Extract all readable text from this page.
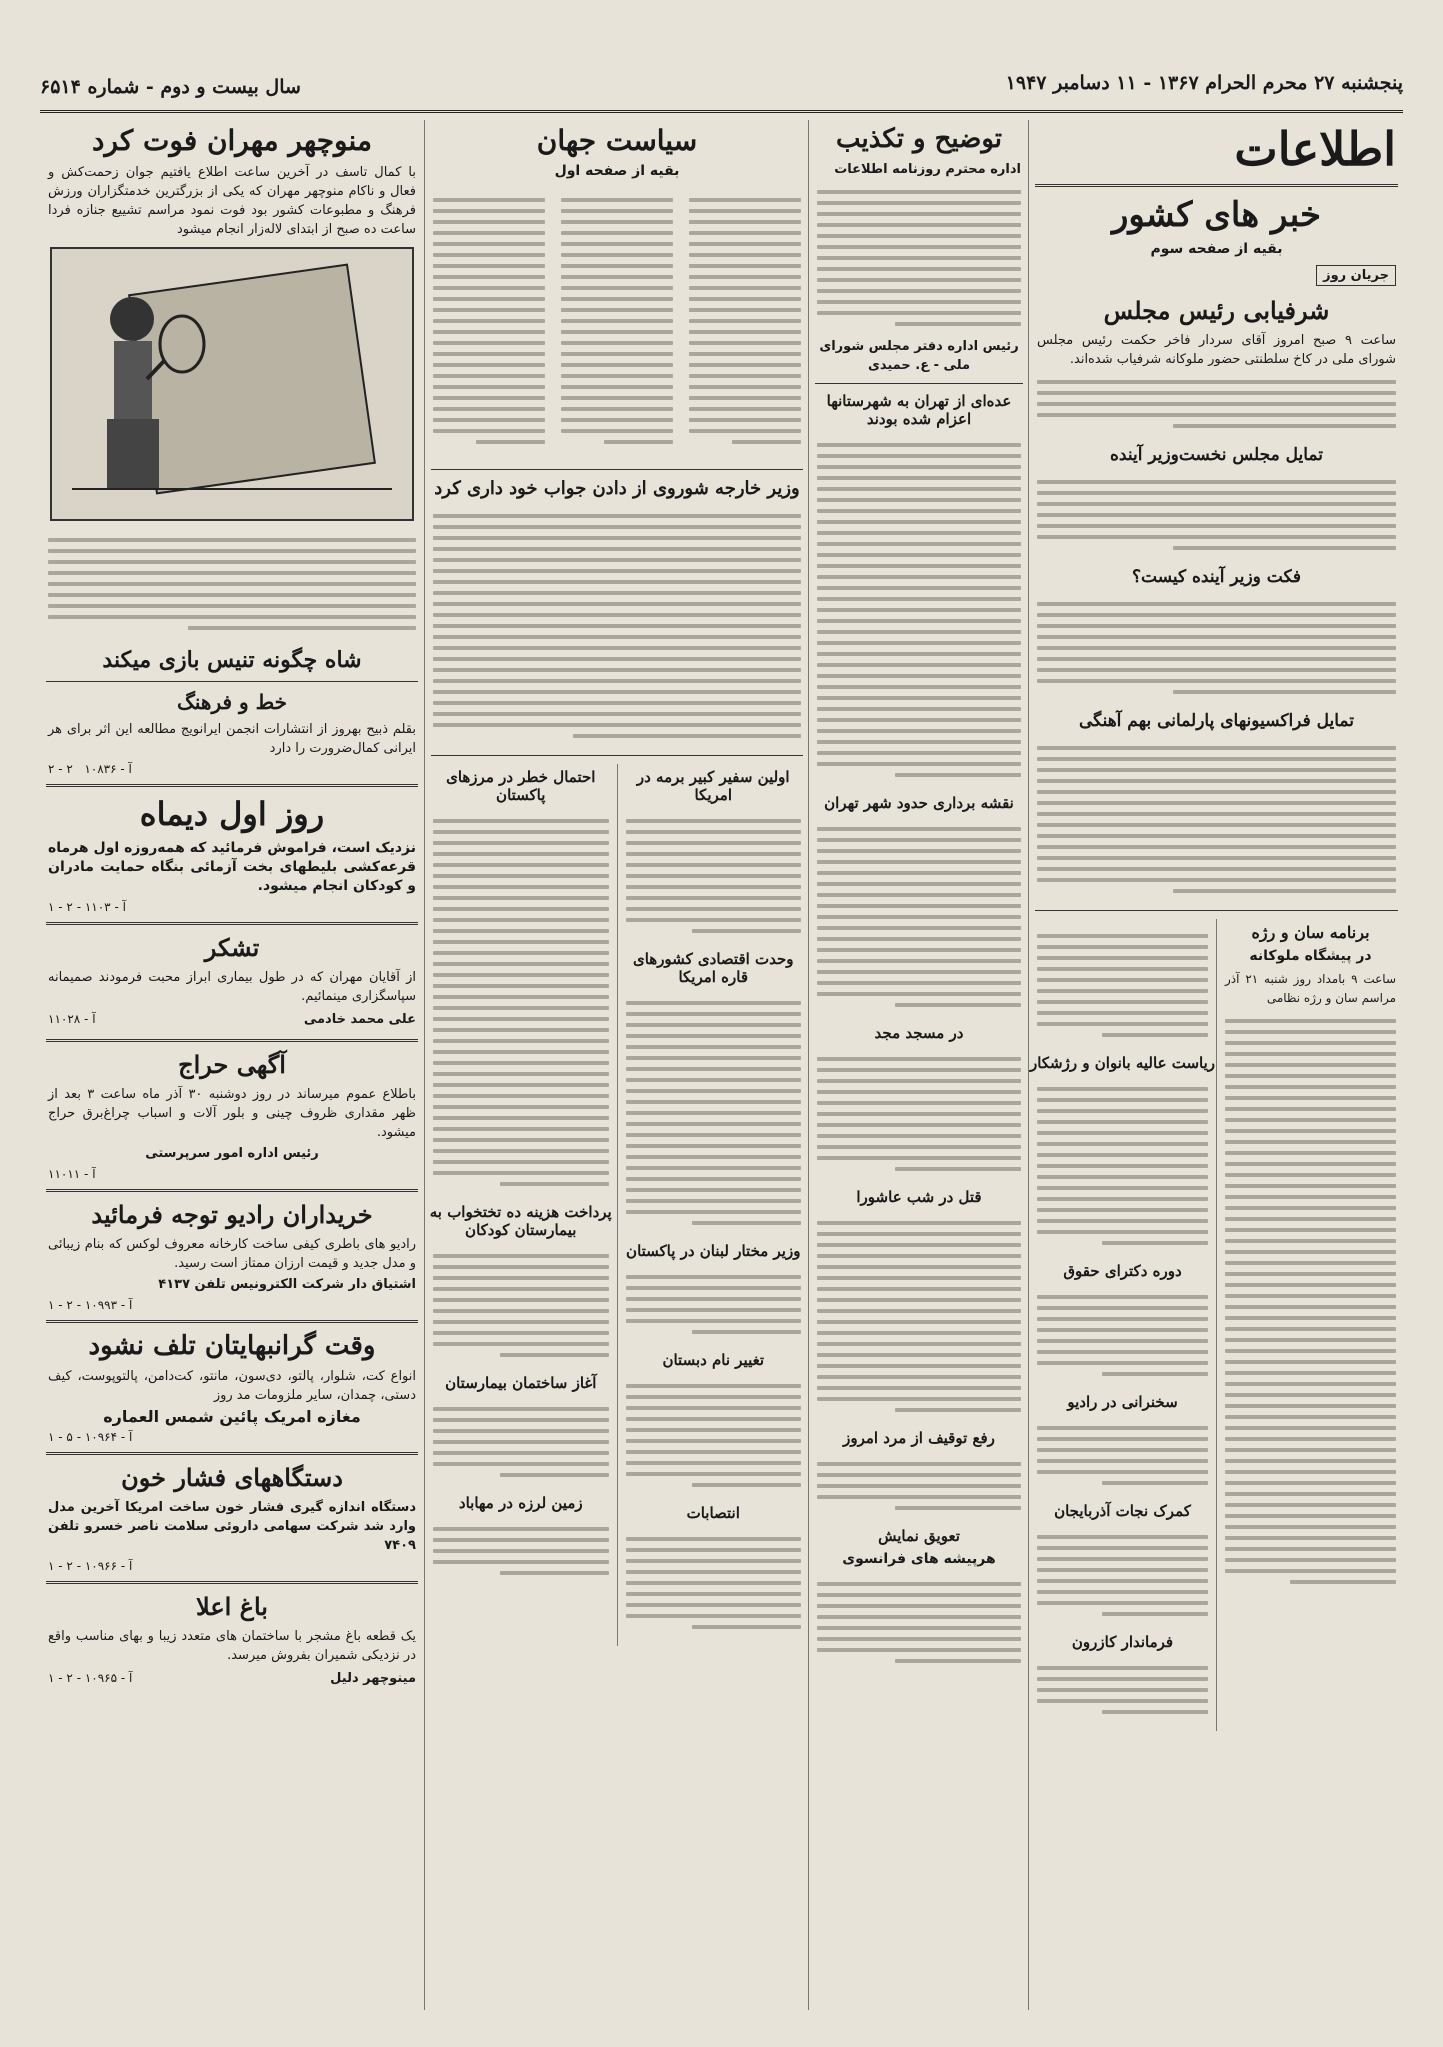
پنجشنبه ۲۷ محرم الحرام ۱۳۶۷ - ۱۱ دسامبر ۱۹۴۷
سال بیست و دوم - شماره ۶۵۱۴
اطلاعات
خبر های کشور
بقیه از صفحه سوم
جریان روز
شرفیابی رئیس مجلس
ساعت ۹ صبح امروز آقای سردار فاخر حکمت رئیس مجلس شورای ملی در کاخ سلطنتی حضور ملوکانه شرفیاب شده‌اند.
تمایل مجلس نخست‌وزیر آینده
فکت وزیر آینده کیست؟
تمایل فراکسیونهای پارلمانی بهم آهنگی
برنامه سان و رژه
در پیشگاه ملوکانه
ساعت ۹ بامداد روز شنبه ۲۱ آذر مراسم سان و رژه نظامی
ریاست عالیه بانوان و رژشکار
دوره دکترای حقوق
سخنرانی در رادیو
کمرک نجات آذربایجان
فرماندار کازرون
توضیح و تکذیب
اداره محترم روزنامه اطلاعات
رئیس اداره دفتر مجلس شورای ملی - ع. حمیدی
عده‌ای از تهران به شهرستانها اعزام شده بودند
نقشه برداری حدود شهر تهران
در مسجد مجد
قتل در شب عاشورا
رفع توقیف از مرد امروز
تعویق نمایش
هرپیشه های فرانسوی
سیاست جهان
بقیه از صفحه اول
وزیر خارجه شوروی از دادن جواب خود داری کرد
اولین سفیر کبیر برمه در امریکا
وحدت اقتصادی کشورهای قاره امریکا
وزیر مختار لبنان در پاکستان
تغییر نام دبستان
انتصابات
احتمال خطر در مرزهای پاکستان
پرداخت هزینه ده تختخواب به بیمارستان کودکان
آغاز ساختمان بیمارستان
زمین لرزه در مهاباد
منوچهر مهران فوت کرد
با کمال تاسف در آخرین ساعت اطلاع یافتیم جوان زحمت‌کش و فعال و ناکام منوچهر مهران که یکی از بزرگترین خدمتگزاران ورزش فرهنگ و مطبوعات کشور بود فوت نمود مراسم تشییع جنازه فردا ساعت ده صبح از ابتدای لاله‌زار انجام میشود
شاه چگونه تنیس بازی میکند
خط و فرهنگ
بقلم ذبیح بهروز از انتشارات انجمن ایرانویج مطالعه این اثر برای هر ایرانی کمال‌ضرورت را دارد
۲ - ۲ آ - ۱۰۸۳۶
روز اول دیماه
نزدیک است، فراموش فرمائید که همه‌روزه اول هرماه قرعه‌کشی بلیطهای بخت آزمائی بنگاه حمایت مادران و کودکان انجام میشود.
آ - ۱۱۰۳ - ۲ - ۱
تشکر
از آقایان مهران که در طول بیماری ابراز محبت فرمودند صمیمانه سپاسگزاری مینمائیم.
علی محمد خادمی
آ - ۱۱۰۲۸
آگهی حراج
باطلاع عموم میرساند در روز دوشنبه ۳۰ آذر ماه ساعت ۳ بعد از ظهر مقداری ظروف چینی و بلور آلات و اسباب چراغ‌برق حراج میشود.
رئیس اداره امور سرپرستی
آ - ۱۱۰۱۱
خریداران رادیو توجه فرمائید
رادیو های باطری کیفی ساخت کارخانه معروف لوکس که بنام زیبائی و مدل جدید و قیمت ارزان ممتاز است رسید.
اشتیاق دار شرکت الکترونیس تلفن ۴۱۳۷
آ - ۱۰۹۹۳ - ۲ - ۱
وقت گرانبهایتان تلف نشود
انواع کت، شلوار، پالتو، دی‌سون، مانتو، کت‌دامن، پالتوپوست، کیف دستی، چمدان، سایر ملزومات مد روز
مغازه امریک پائین شمس العماره
آ - ۱۰۹۶۴ - ۵ - ۱
دستگاههای فشار خون
دستگاه اندازه گیری فشار خون ساخت امریکا آخرین مدل وارد شد شرکت سهامی داروئی سلامت ناصر خسرو تلفن ۷۴۰۹
آ - ۱۰۹۶۶ - ۲ - ۱
باغ اعلا
یک قطعه باغ مشجر با ساختمان های متعدد زیبا و بهای مناسب واقع در نزدیکی شمیران بفروش میرسد.
مینوچهر دلیل
آ - ۱۰۹۶۵ - ۲ - ۱
